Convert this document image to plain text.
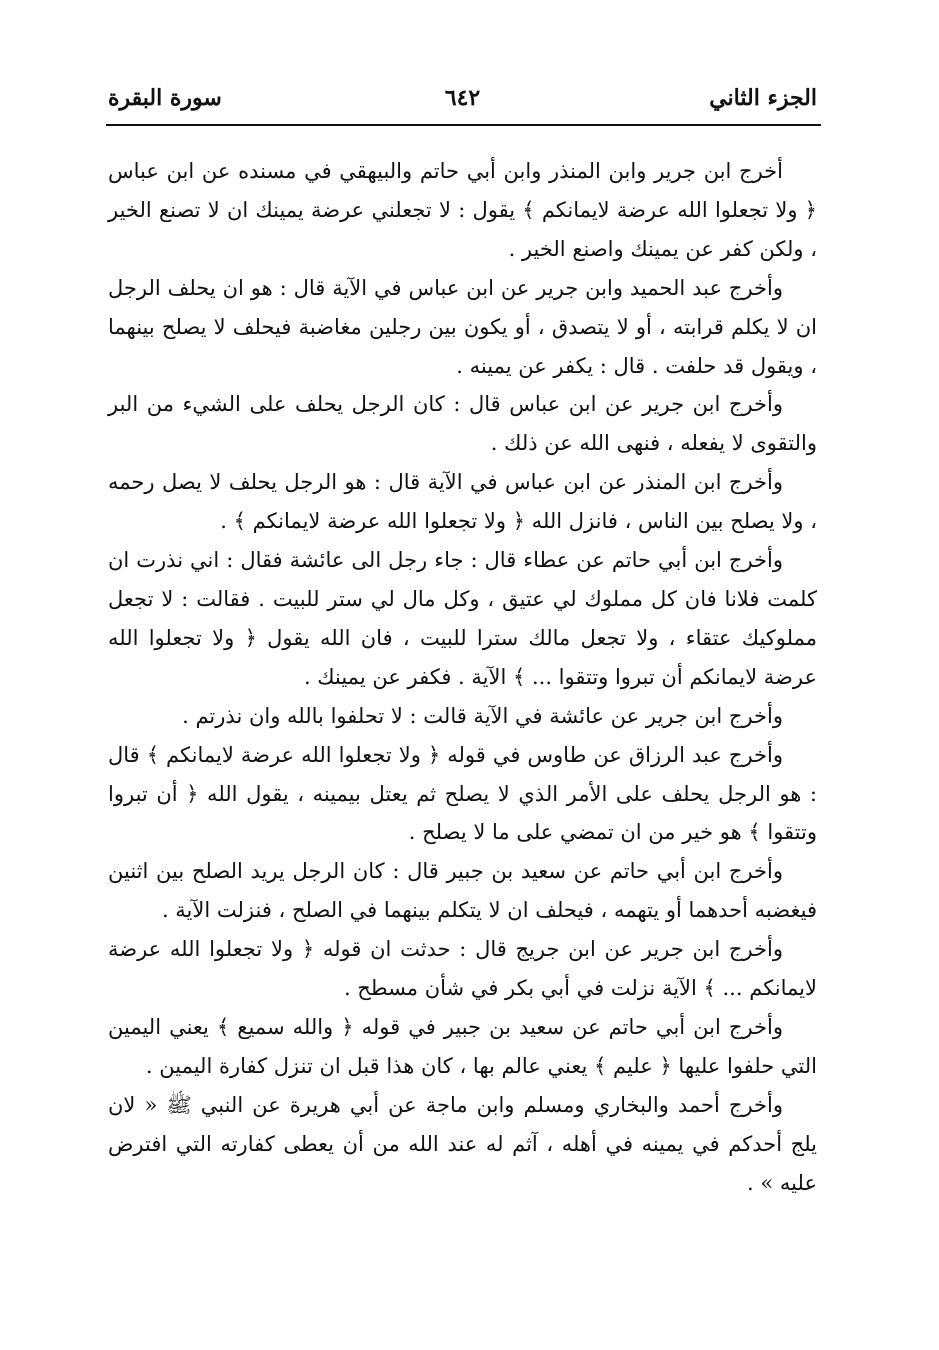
الجزء الثاني
٦٤٢
سورة البقرة

أخرج ابن جرير وابن المنذر وابن أبي حاتم والبيهقي في مسنده عن ابن عباس ﴿ ولا تجعلوا الله عرضة لايمانكم ﴾ يقول : لا تجعلني عرضة يمينك ان لا تصنع الخير ، ولكن كفر عن يمينك واصنع الخير .

وأخرج عبد الحميد وابن جرير عن ابن عباس في الآية قال : هو ان يحلف الرجل ان لا يكلم قرابته ، أو لا يتصدق ، أو يكون بين رجلين مغاضبة فيحلف لا يصلح بينهما ، ويقول قد حلفت . قال : يكفر عن يمينه .

وأخرج ابن جرير عن ابن عباس قال : كان الرجل يحلف على الشيء من البر والتقوى لا يفعله ، فنهى الله عن ذلك .

وأخرج ابن المنذر عن ابن عباس في الآية قال : هو الرجل يحلف لا يصل رحمه ، ولا يصلح بين الناس ، فانزل الله ﴿ ولا تجعلوا الله عرضة لايمانكم ﴾ .

وأخرج ابن أبي حاتم عن عطاء قال : جاء رجل الى عائشة فقال : اني نذرت ان كلمت فلانا فان كل مملوك لي عتيق ، وكل مال لي ستر للبيت . فقالت : لا تجعل مملوكيك عتقاء ، ولا تجعل مالك سترا للبيت ، فان الله يقول ﴿ ولا تجعلوا الله عرضة لايمانكم أن تبروا وتتقوا ... ﴾ الآية . فكفر عن يمينك .

وأخرج ابن جرير عن عائشة في الآية قالت : لا تحلفوا بالله وان نذرتم .

وأخرج عبد الرزاق عن طاوس في قوله ﴿ ولا تجعلوا الله عرضة لايمانكم ﴾ قال : هو الرجل يحلف على الأمر الذي لا يصلح ثم يعتل بيمينه ، يقول الله ﴿ أن تبروا وتتقوا ﴾ هو خير من ان تمضي على ما لا يصلح .

وأخرج ابن أبي حاتم عن سعيد بن جبير قال : كان الرجل يريد الصلح بين اثنين فيغضبه أحدهما أو يتهمه ، فيحلف ان لا يتكلم بينهما في الصلح ، فنزلت الآية .

وأخرج ابن جرير عن ابن جريج قال : حدثت ان قوله ﴿ ولا تجعلوا الله عرضة لايمانكم ... ﴾ الآية نزلت في أبي بكر في شأن مسطح .

وأخرج ابن أبي حاتم عن سعيد بن جبير في قوله ﴿ والله سميع ﴾ يعني اليمين التي حلفوا عليها ﴿ عليم ﴾ يعني عالم بها ، كان هذا قبل ان تنزل كفارة اليمين .

وأخرج أحمد والبخاري ومسلم وابن ماجة عن أبي هريرة عن النبي ﷺ « لان يلج أحدكم في يمينه في أهله ، آثم له عند الله من أن يعطى كفارته التي افترض عليه » .
